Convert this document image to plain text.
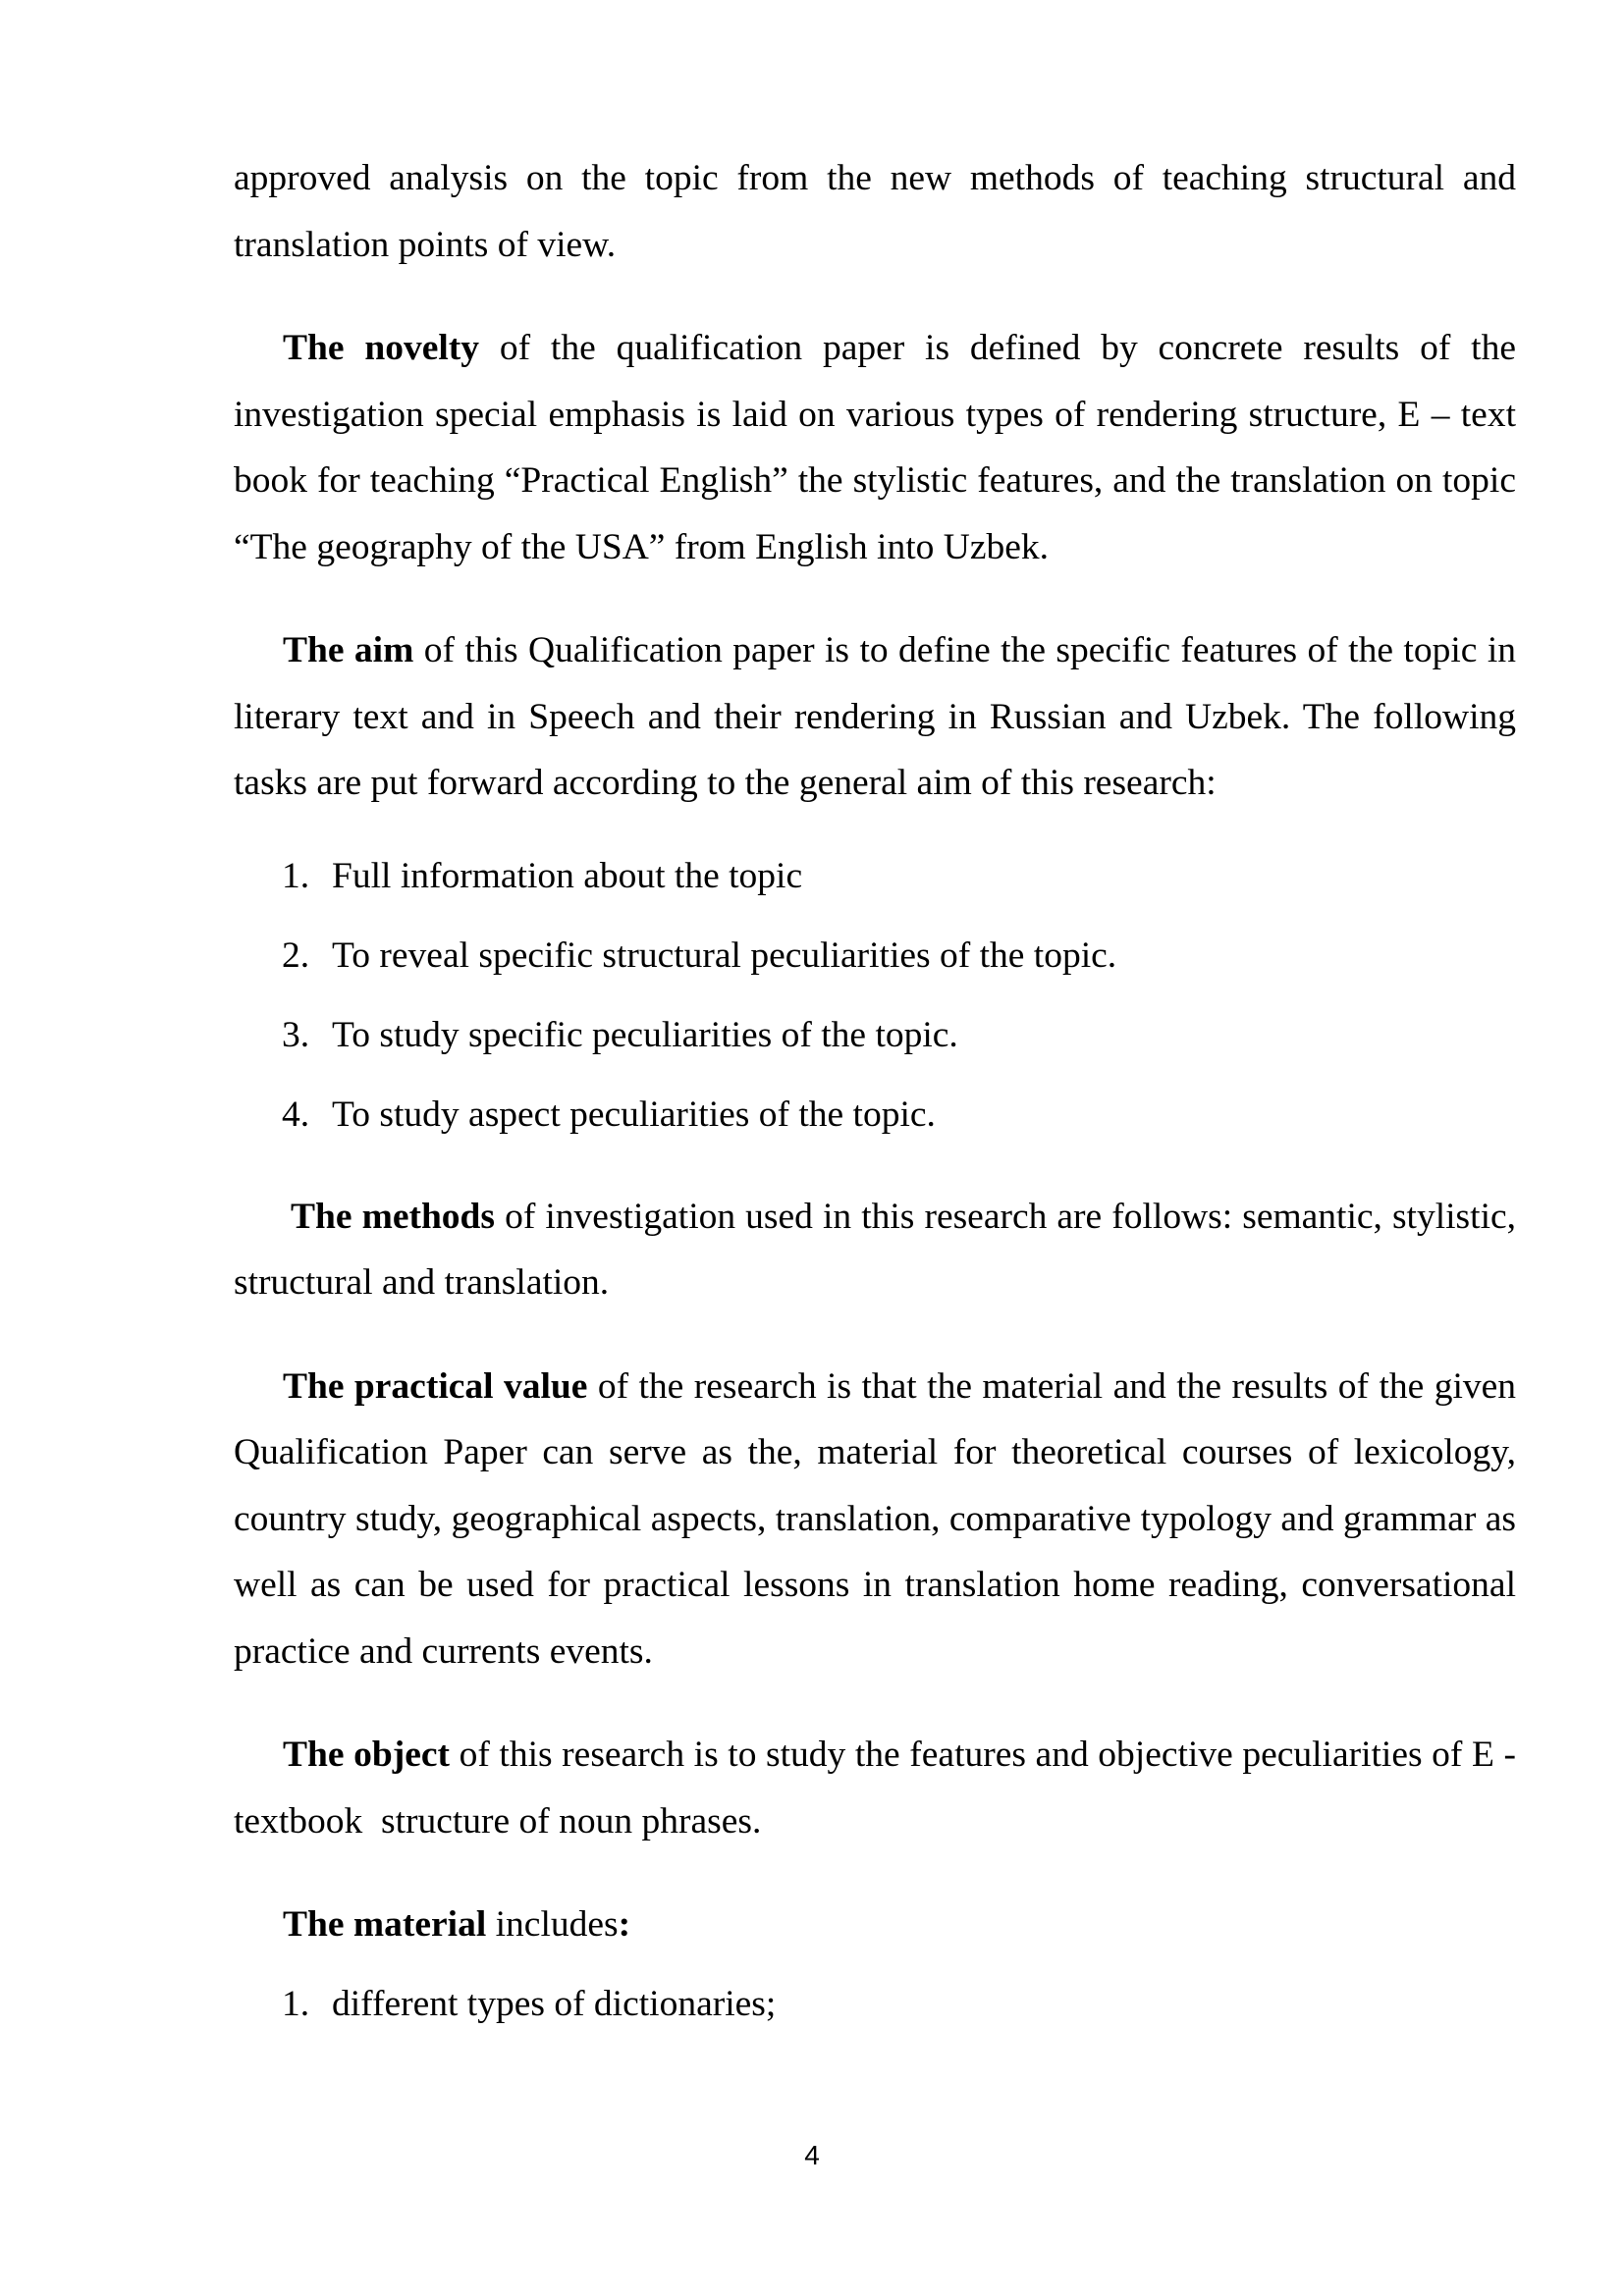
approved analysis on the topic from the new methods of teaching structural and translation points of view.

The novelty of the qualification paper is defined by concrete results of the investigation special emphasis is laid on various types of rendering structure, E – text book for teaching “Practical English” the stylistic features, and the translation on topic “The geography of the USA” from English into Uzbek.

The aim of this Qualification paper is to define the specific features of the topic in literary text and in Speech and their rendering in Russian and Uzbek. The following tasks are put forward according to the general aim of this research:

1. Full information about the topic
2. To reveal specific structural peculiarities of the topic.
3. To study specific peculiarities of the topic.
4. To study aspect peculiarities of the topic.

The methods of investigation used in this research are follows: semantic, stylistic, structural and translation.

The practical value of the research is that the material and the results of the given Qualification Paper can serve as the, material for theoretical courses of lexicology, country study, geographical aspects, translation, comparative typology and grammar as well as can be used for practical lessons in translation home reading, conversational practice and currents events.

The object of this research is to study the features and objective peculiarities of E - textbook  structure of noun phrases.

The material includes:

1. different types of dictionaries;
4
